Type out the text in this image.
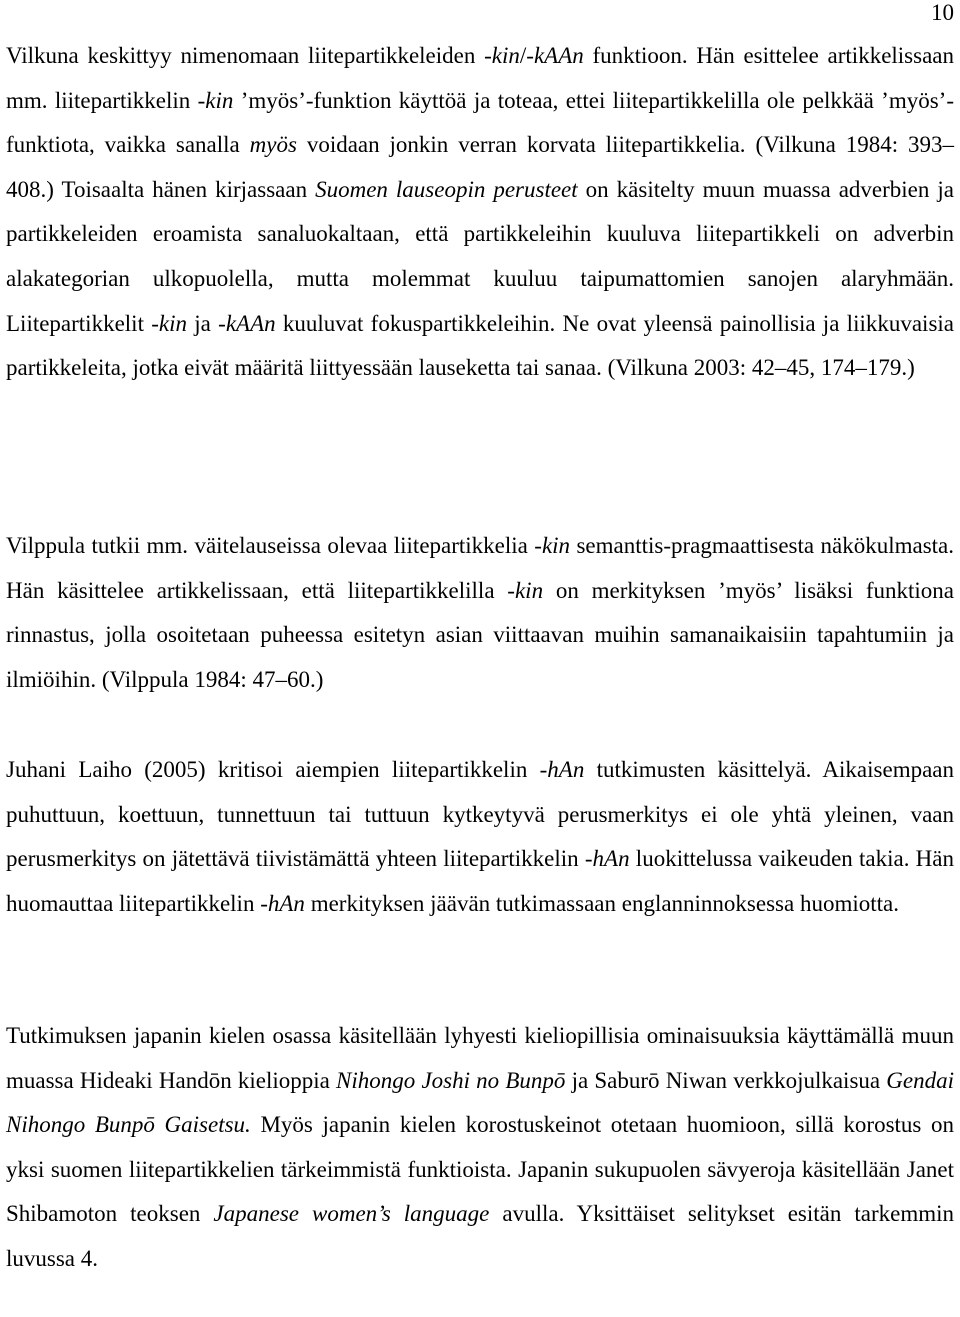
10

Vilkuna keskittyy nimenomaan liitepartikkeleiden -kin/-kAAn funktioon. Hän esittelee artikkelissaan mm. liitepartikkelin -kin ’myös’-funktion käyttöä ja toteaa, ettei liitepartikkelilla ole pelkkää ’myös’-funktiota, vaikka sanalla myös voidaan jonkin verran korvata liitepartikkelia. (Vilkuna 1984: 393‒408.) Toisaalta hänen kirjassaan Suomen lauseopin perusteet on käsitelty muun muassa adverbien ja partikkeleiden eroamista sanaluokaltaan, että partikkeleihin kuuluva liitepartikkeli on adverbin alakategorian ulkopuolella, mutta molemmat kuuluu taipumattomien sanojen alaryhmään. Liitepartikkelit -kin ja -kAAn kuuluvat fokuspartikkeleihin. Ne ovat yleensä painollisia ja liikkuvaisia partikkeleita, jotka eivät määritä liittyessään lauseketta tai sanaa. (Vilkuna 2003: 42‒45, 174‒179.)

Vilppula tutkii mm. väitelauseissa olevaa liitepartikkelia -kin semanttis-pragmaattisesta näkökulmasta. Hän käsittelee artikkelissaan, että liitepartikkelilla -kin on merkityksen ’myös’ lisäksi funktiona rinnastus, jolla osoitetaan puheessa esitetyn asian viittaavan muihin samanaikaisiin tapahtumiin ja ilmiöihin. (Vilppula 1984: 47‒60.)

Juhani Laiho (2005) kritisoi aiempien liitepartikkelin -hAn tutkimusten käsittelyä. Aikaisempaan puhuttuun, koettuun, tunnettuun tai tuttuun kytkeytyvä perusmerkitys ei ole yhtä yleinen, vaan perusmerkitys on jätettävä tiivistämättä yhteen liitepartikkelin -hAn luokittelussa vaikeuden takia. Hän huomauttaa liitepartikkelin -hAn merkityksen jäävän tutkimassaan englanninnoksessa huomiotta.

Tutkimuksen japanin kielen osassa käsitellään lyhyesti kieliopillisia ominaisuuksia käyttämällä muun muassa Hideaki Handōn kielioppia Nihongo Joshi no Bunpō ja Saburō Niwan verkkojulkaisua Gendai Nihongo Bunpō Gaisetsu. Myös japanin kielen korostuskeinot otetaan huomioon, sillä korostus on yksi suomen liitepartikkelien tärkeimmistä funktioista. Japanin sukupuolen sävyeroja käsitellään Janet Shibamoton teoksen Japanese women’s language avulla. Yksittäiset selitykset esitän tarkemmin luvussa 4.
